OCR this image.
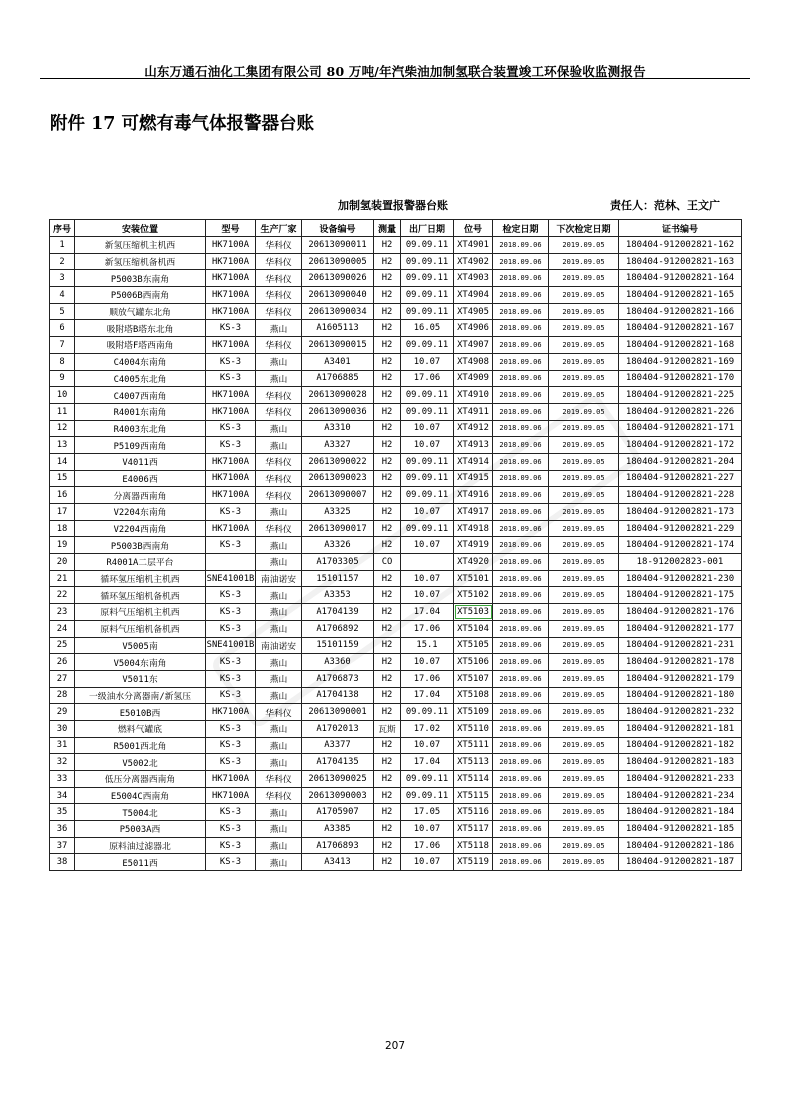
山东万通石油化工集团有限公司 80 万吨/年汽柴油加制氢联合装置竣工环保验收监测报告
附件 17 可燃有毒气体报警器台账
加制氢装置报警器台账	责任人：范林、王文广
序号	安装位置	型号	生产厂家	设备编号	测量	出厂日期	位号	检定日期	下次检定日期	证书编号
1	新氢压缩机主机西	HK7100A	华科仪	20613090011	H2	09.09.11	XT4901	2018.09.06	2019.09.05	180404-912002821-162
2	新氢压缩机备机西	HK7100A	华科仪	20613090005	H2	09.09.11	XT4902	2018.09.06	2019.09.05	180404-912002821-163
3	P5003B东南角	HK7100A	华科仪	20613090026	H2	09.09.11	XT4903	2018.09.06	2019.09.05	180404-912002821-164
4	P5006B西南角	HK7100A	华科仪	20613090040	H2	09.09.11	XT4904	2018.09.06	2019.09.05	180404-912002821-165
5	顺放气罐东北角	HK7100A	华科仪	20613090034	H2	09.09.11	XT4905	2018.09.06	2019.09.05	180404-912002821-166
6	吸附塔B塔东北角	KS-3	燕山	A1605113	H2	16.05	XT4906	2018.09.06	2019.09.05	180404-912002821-167
7	吸附塔F塔西南角	HK7100A	华科仪	20613090015	H2	09.09.11	XT4907	2018.09.06	2019.09.05	180404-912002821-168
8	C4004东南角	KS-3	燕山	A3401	H2	10.07	XT4908	2018.09.06	2019.09.05	180404-912002821-169
9	C4005东北角	KS-3	燕山	A1706885	H2	17.06	XT4909	2018.09.06	2019.09.05	180404-912002821-170
10	C4007西南角	HK7100A	华科仪	20613090028	H2	09.09.11	XT4910	2018.09.06	2019.09.05	180404-912002821-225
11	R4001东南角	HK7100A	华科仪	20613090036	H2	09.09.11	XT4911	2018.09.06	2019.09.05	180404-912002821-226
12	R4003东北角	KS-3	燕山	A3310	H2	10.07	XT4912	2018.09.06	2019.09.05	180404-912002821-171
13	P5109西南角	KS-3	燕山	A3327	H2	10.07	XT4913	2018.09.06	2019.09.05	180404-912002821-172
14	V4011西	HK7100A	华科仪	20613090022	H2	09.09.11	XT4914	2018.09.06	2019.09.05	180404-912002821-204
15	E4006西	HK7100A	华科仪	20613090023	H2	09.09.11	XT4915	2018.09.06	2019.09.05	180404-912002821-227
16	分离器西南角	HK7100A	华科仪	20613090007	H2	09.09.11	XT4916	2018.09.06	2019.09.05	180404-912002821-228
17	V2204东南角	KS-3	燕山	A3325	H2	10.07	XT4917	2018.09.06	2019.09.05	180404-912002821-173
18	V2204西南角	HK7100A	华科仪	20613090017	H2	09.09.11	XT4918	2018.09.06	2019.09.05	180404-912002821-229
19	P5003B西南角	KS-3	燕山	A3326	H2	10.07	XT4919	2018.09.06	2019.09.05	180404-912002821-174
20	R4001A二层平台		燕山	A1703305	CO		XT4920	2018.09.06	2019.09.05	18-912002823-001
21	循环氢压缩机主机西	SNE41001B	南油诺安	15101157	H2	10.07	XT5101	2018.09.06	2019.09.05	180404-912002821-230
22	循环氢压缩机备机西	KS-3	燕山	A3353	H2	10.07	XT5102	2018.09.06	2019.09.05	180404-912002821-175
23	原料气压缩机主机西	KS-3	燕山	A1704139	H2	17.04	XT5103	2018.09.06	2019.09.05	180404-912002821-176
24	原料气压缩机备机西	KS-3	燕山	A1706892	H2	17.06	XT5104	2018.09.06	2019.09.05	180404-912002821-177
25	V5005南	SNE41001B	南油诺安	15101159	H2	15.1	XT5105	2018.09.06	2019.09.05	180404-912002821-231
26	V5004东南角	KS-3	燕山	A3360	H2	10.07	XT5106	2018.09.06	2019.09.05	180404-912002821-178
27	V5011东	KS-3	燕山	A1706873	H2	17.06	XT5107	2018.09.06	2019.09.05	180404-912002821-179
28	一级油水分离器南/新氢压	KS-3	燕山	A1704138	H2	17.04	XT5108	2018.09.06	2019.09.05	180404-912002821-180
29	E5010B西	HK7100A	华科仪	20613090001	H2	09.09.11	XT5109	2018.09.06	2019.09.05	180404-912002821-232
30	燃料气罐底	KS-3	燕山	A1702013	瓦斯	17.02	XT5110	2018.09.06	2019.09.05	180404-912002821-181
31	R5001西北角	KS-3	燕山	A3377	H2	10.07	XT5111	2018.09.06	2019.09.05	180404-912002821-182
32	V5002北	KS-3	燕山	A1704135	H2	17.04	XT5113	2018.09.06	2019.09.05	180404-912002821-183
33	低压分离器西南角	HK7100A	华科仪	20613090025	H2	09.09.11	XT5114	2018.09.06	2019.09.05	180404-912002821-233
34	E5004C西南角	HK7100A	华科仪	20613090003	H2	09.09.11	XT5115	2018.09.06	2019.09.05	180404-912002821-234
35	T5004北	KS-3	燕山	A1705907	H2	17.05	XT5116	2018.09.06	2019.09.05	180404-912002821-184
36	P5003A西	KS-3	燕山	A3385	H2	10.07	XT5117	2018.09.06	2019.09.05	180404-912002821-185
37	原料油过滤器北	KS-3	燕山	A1706893	H2	17.06	XT5118	2018.09.06	2019.09.05	180404-912002821-186
38	E5011西	KS-3	燕山	A3413	H2	10.07	XT5119	2018.09.06	2019.09.05	180404-912002821-187
207
